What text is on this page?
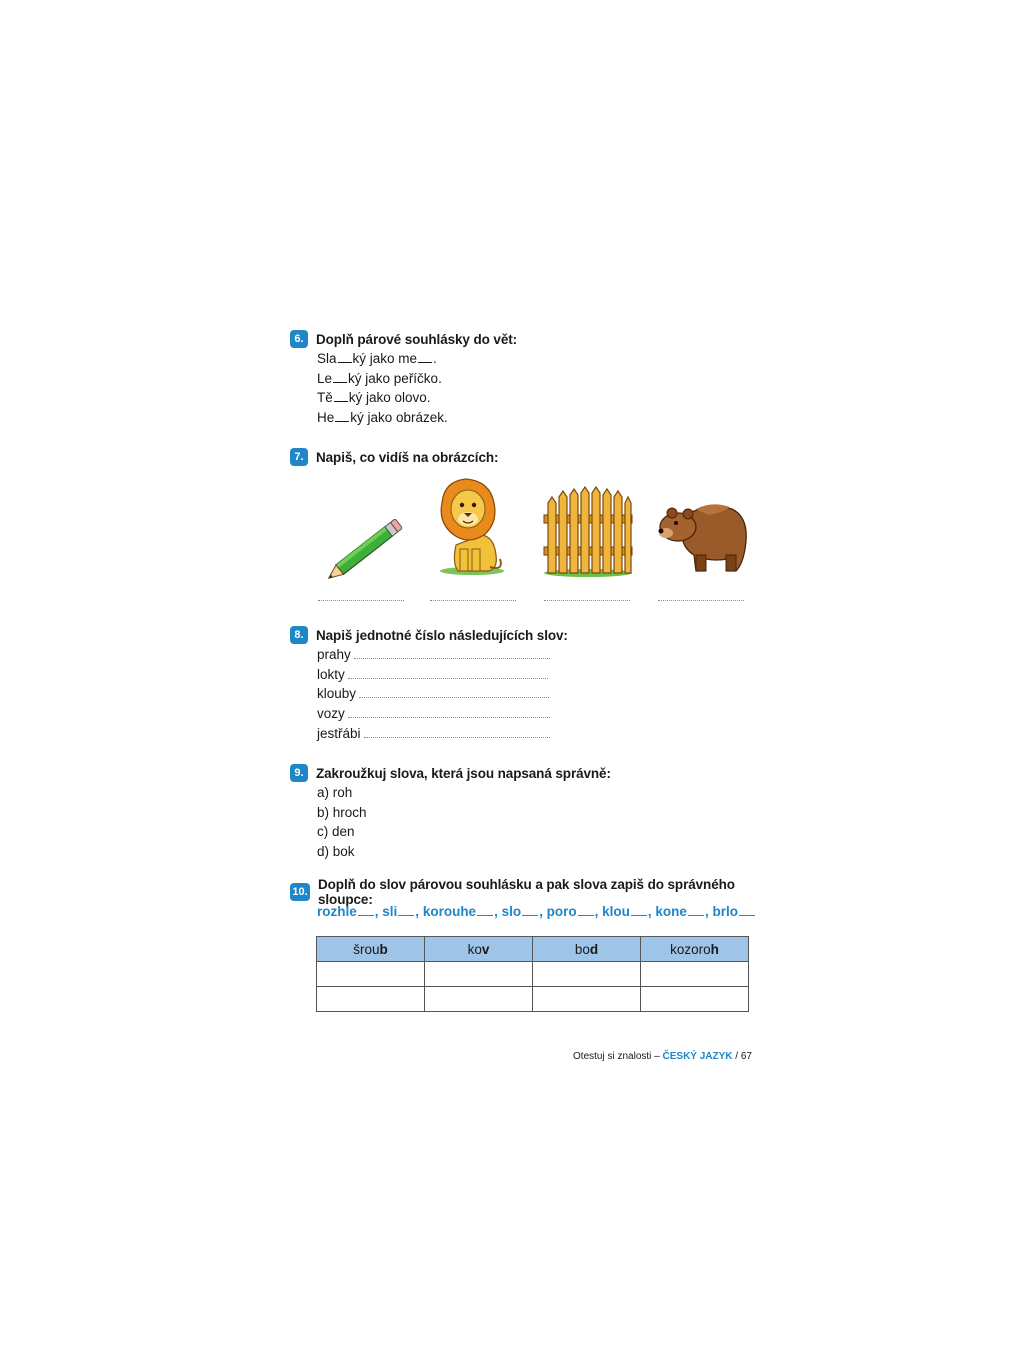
6. Doplň párové souhlásky do vět:
Sla ký jako me .
Le ký jako peříčko.
Tě ký jako olovo.
He ký jako obrázek.
7. Napiš, co vidíš na obrázcích:
8. Napiš jednotné číslo následujících slov:
prahy
lokty
klouby
vozy
jestřábi
9. Zakroužkuj slova, která jsou napsaná správně:
a) roh
b) hroch
c) den
d) bok
10. Doplň do slov párovou souhlásku a pak slova zapiš do správného sloupce:
rozhle , sli , korouhe , slo , poro , klou , kone , brlo
šroub	kov	bod	kozoroh

Otestuj si znalosti – ČESKÝ JAZYK / 67
